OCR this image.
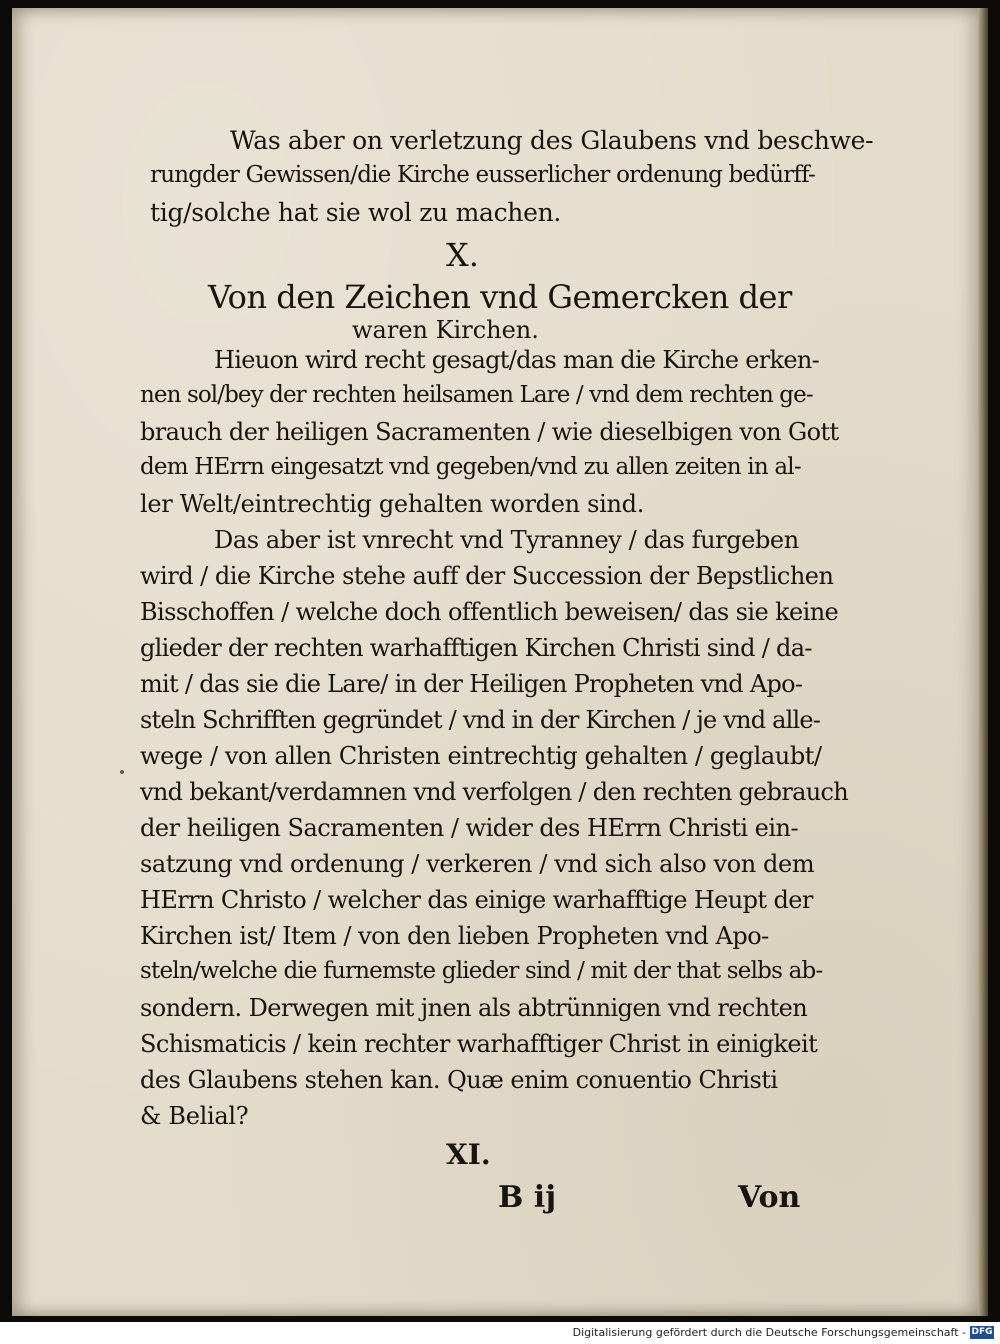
Was aber on verletzung des Glaubens vnd beschwe-
rungder Gewissen/die Kirche eusserlicher ordenung bedürff-
tig/solche hat sie wol zu machen.
X.
Von den Zeichen vnd Gemercken der
waren Kirchen.
Hieuon wird recht gesagt/das man die Kirche erken-
nen sol/bey der rechten heilsamen Lare / vnd dem rechten ge-
brauch der heiligen Sacramenten / wie dieselbigen von Gott
dem HErrn eingesatzt vnd gegeben/vnd zu allen zeiten in al-
ler Welt/eintrechtig gehalten worden sind.
Das aber ist vnrecht vnd Tyranney / das furgeben
wird / die Kirche stehe auff der Succession der Bepstlichen
Bisschoffen / welche doch offentlich beweisen/ das sie keine
glieder der rechten warhafftigen Kirchen Christi sind / da-
mit / das sie die Lare/ in der Heiligen Propheten vnd Apo-
steln Schrifften gegründet / vnd in der Kirchen / je vnd alle-
wege / von allen Christen eintrechtig gehalten / geglaubt/
vnd bekant/verdamnen vnd verfolgen / den rechten gebrauch
der heiligen Sacramenten / wider des HErrn Christi ein-
satzung vnd ordenung / verkeren / vnd sich also von dem
HErrn Christo / welcher das einige warhafftige Heupt der
Kirchen ist/ Item / von den lieben Propheten vnd Apo-
steln/welche die furnemste glieder sind / mit der that selbs ab-
sondern. Derwegen mit jnen als abtrünnigen vnd rechten
Schismaticis / kein rechter warhafftiger Christ in einigkeit
des Glaubens stehen kan. Quæ enim conuentio Christi
& Belial?
XI.
B ij	Von
Digitalisierung gefördert durch die Deutsche Forschungsgemeinschaft - DFG
